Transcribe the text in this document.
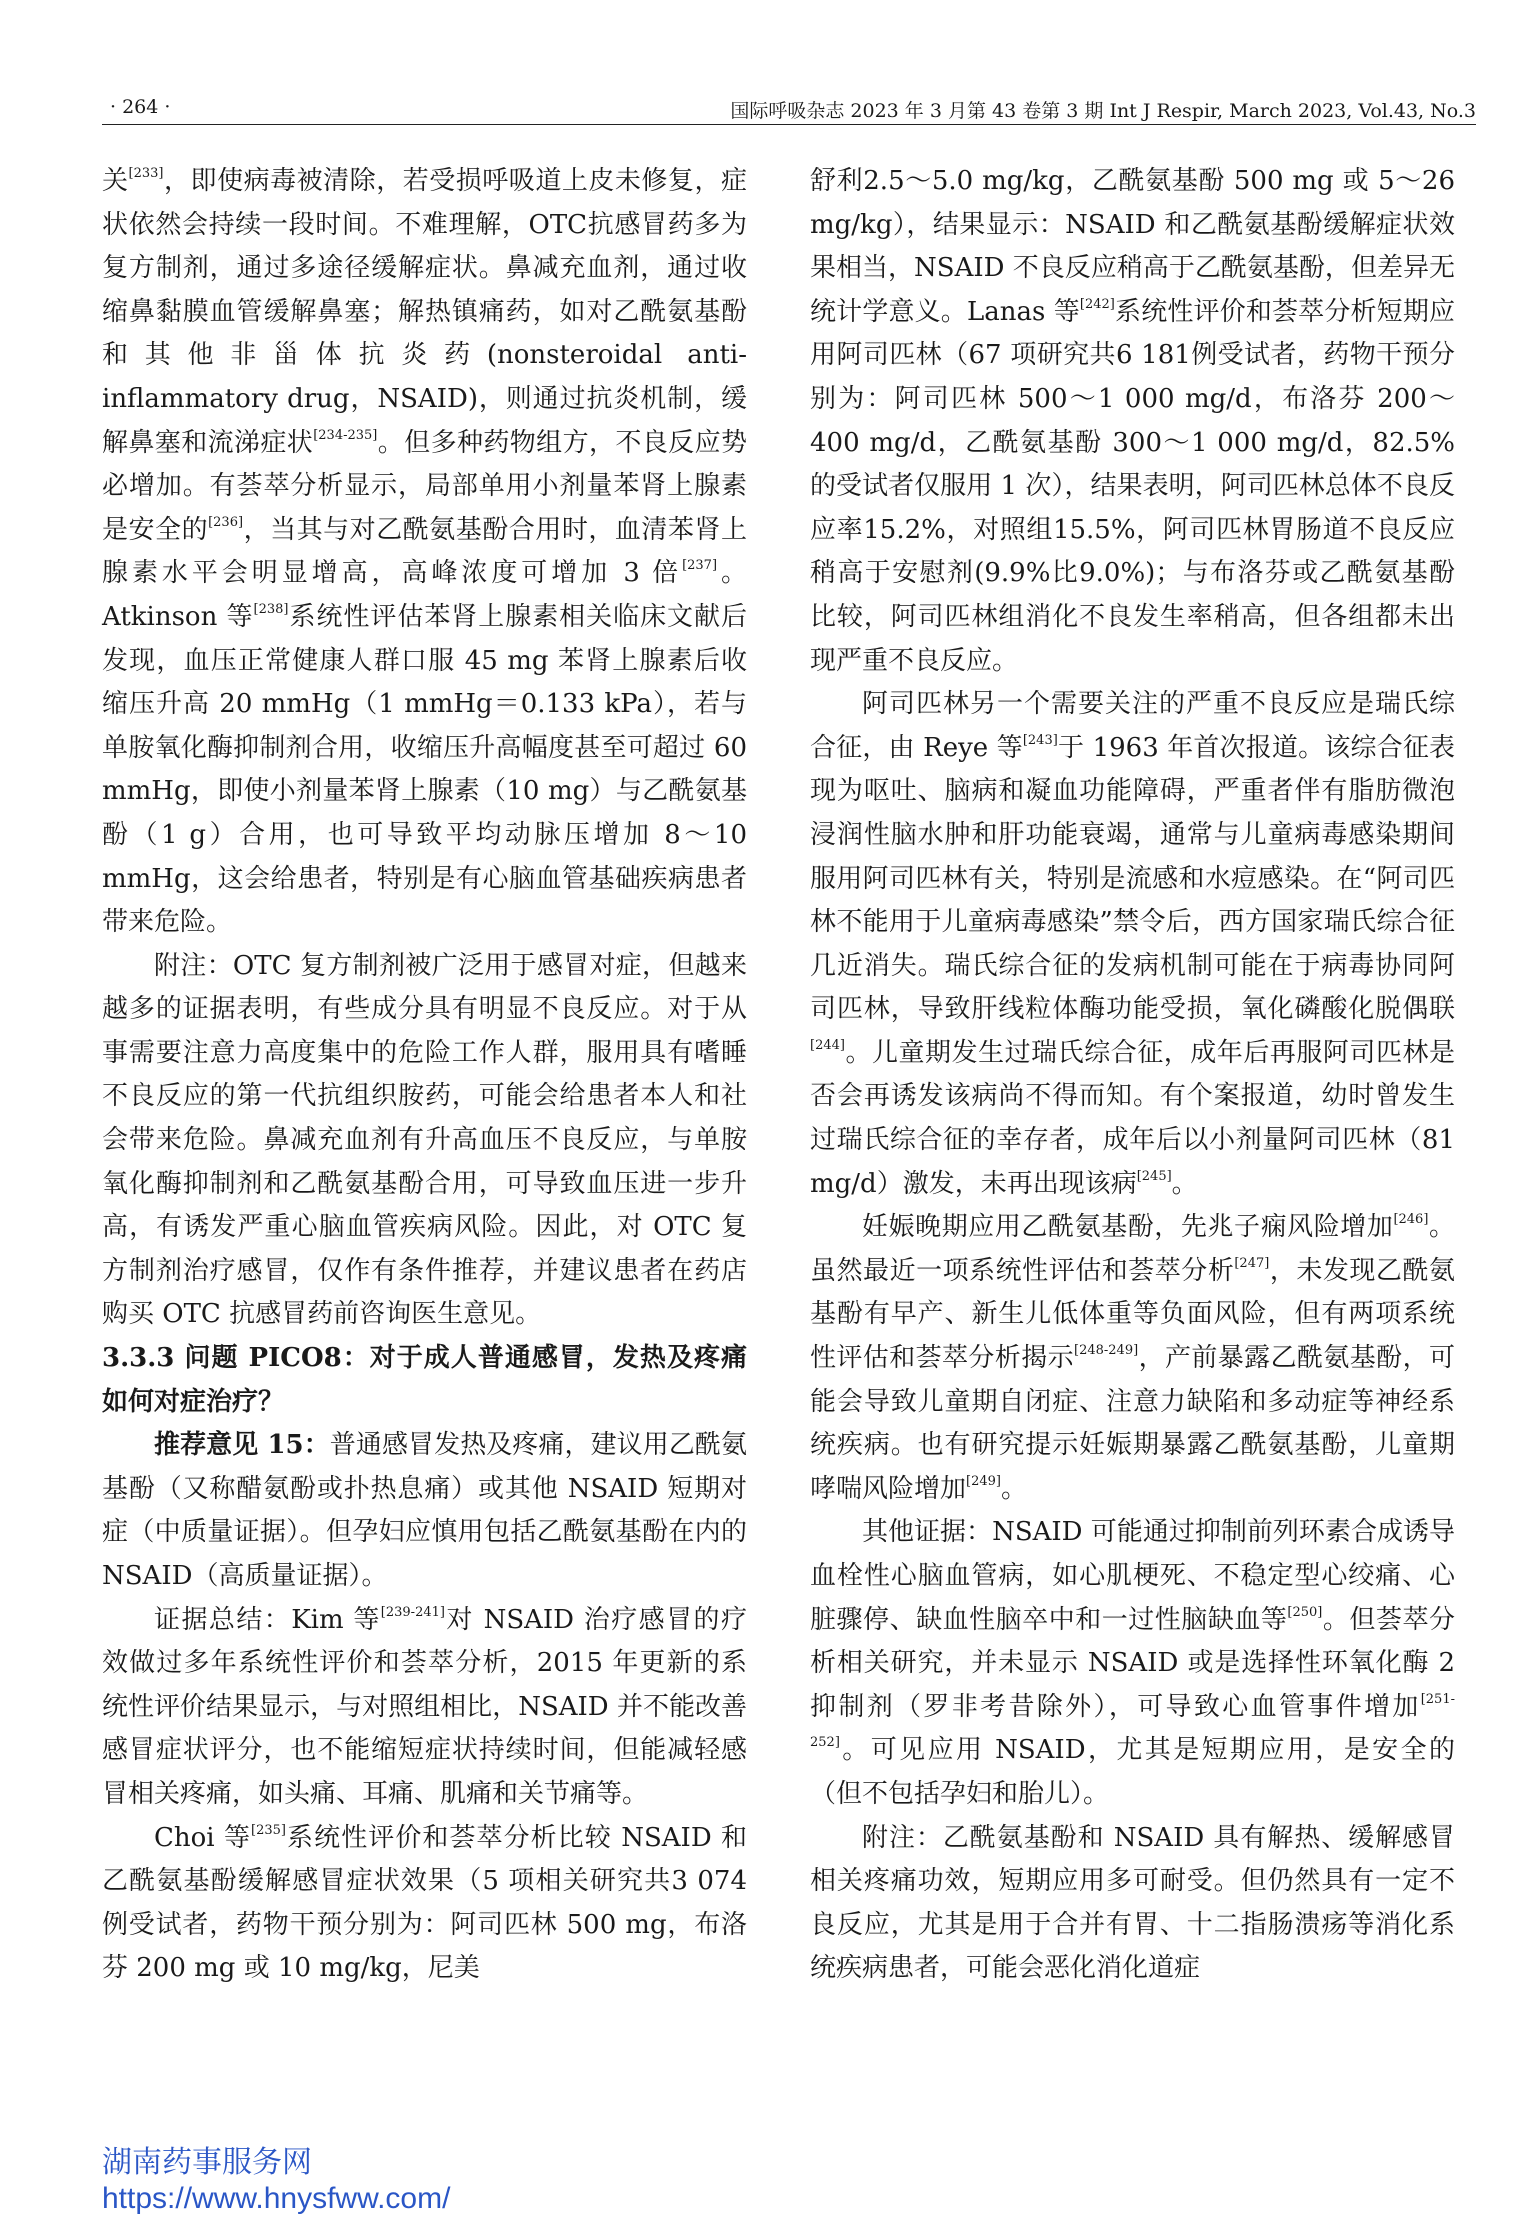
· 264 ·	国际呼吸杂志 2023 年 3 月第 43 卷第 3 期 Int J Respir, March 2023, Vol.43, No.3

关[233]，即使病毒被清除，若受损呼吸道上皮未修复，症状依然会持续一段时间。不难理解，OTC抗感冒药多为复方制剂，通过多途径缓解症状。鼻减充血剂，通过收缩鼻黏膜血管缓解鼻塞；解热镇痛药，如对乙酰氨基酚和其他非甾体抗炎药(nonsteroidal anti-inflammatory drug，NSAID)，则通过抗炎机制，缓解鼻塞和流涕症状[234-235]。但多种药物组方，不良反应势必增加。有荟萃分析显示，局部单用小剂量苯肾上腺素是安全的[236]，当其与对乙酰氨基酚合用时，血清苯肾上腺素水平会明显增高，高峰浓度可增加 3 倍[237]。Atkinson 等[238]系统性评估苯肾上腺素相关临床文献后发现，血压正常健康人群口服 45 mg 苯肾上腺素后收缩压升高 20 mmHg（1 mmHg＝0.133 kPa），若与单胺氧化酶抑制剂合用，收缩压升高幅度甚至可超过 60 mmHg，即使小剂量苯肾上腺素（10 mg）与乙酰氨基酚（1 g）合用，也可导致平均动脉压增加 8～10 mmHg，这会给患者，特别是有心脑血管基础疾病患者带来危险。

附注：OTC 复方制剂被广泛用于感冒对症，但越来越多的证据表明，有些成分具有明显不良反应。对于从事需要注意力高度集中的危险工作人群，服用具有嗜睡不良反应的第一代抗组织胺药，可能会给患者本人和社会带来危险。鼻减充血剂有升高血压不良反应，与单胺氧化酶抑制剂和乙酰氨基酚合用，可导致血压进一步升高，有诱发严重心脑血管疾病风险。因此，对 OTC 复方制剂治疗感冒，仅作有条件推荐，并建议患者在药店购买 OTC 抗感冒药前咨询医生意见。

3.3.3 问题 PICO8：对于成人普通感冒，发热及疼痛如何对症治疗？

推荐意见 15：普通感冒发热及疼痛，建议用乙酰氨基酚（又称醋氨酚或扑热息痛）或其他 NSAID 短期对症（中质量证据）。但孕妇应慎用包括乙酰氨基酚在内的 NSAID（高质量证据）。

证据总结：Kim 等[239-241]对 NSAID 治疗感冒的疗效做过多年系统性评价和荟萃分析，2015 年更新的系统性评价结果显示，与对照组相比，NSAID 并不能改善感冒症状评分，也不能缩短症状持续时间，但能减轻感冒相关疼痛，如头痛、耳痛、肌痛和关节痛等。

Choi 等[235]系统性评价和荟萃分析比较 NSAID 和乙酰氨基酚缓解感冒症状效果（5 项相关研究共3 074例受试者，药物干预分别为：阿司匹林 500 mg，布洛芬 200 mg 或 10 mg/kg，尼美

舒利2.5～5.0 mg/kg，乙酰氨基酚 500 mg 或 5～26 mg/kg），结果显示：NSAID 和乙酰氨基酚缓解症状效果相当，NSAID 不良反应稍高于乙酰氨基酚，但差异无统计学意义。Lanas 等[242]系统性评价和荟萃分析短期应用阿司匹林（67 项研究共6 181例受试者，药物干预分别为：阿司匹林 500～1 000 mg/d，布洛芬 200～400 mg/d，乙酰氨基酚 300～1 000 mg/d，82.5%的受试者仅服用 1 次），结果表明，阿司匹林总体不良反应率15.2%，对照组15.5%，阿司匹林胃肠道不良反应稍高于安慰剂(9.9%比9.0%)；与布洛芬或乙酰氨基酚比较，阿司匹林组消化不良发生率稍高，但各组都未出现严重不良反应。

阿司匹林另一个需要关注的严重不良反应是瑞氏综合征，由 Reye 等[243]于 1963 年首次报道。该综合征表现为呕吐、脑病和凝血功能障碍，严重者伴有脂肪微泡浸润性脑水肿和肝功能衰竭，通常与儿童病毒感染期间服用阿司匹林有关，特别是流感和水痘感染。在“阿司匹林不能用于儿童病毒感染”禁令后，西方国家瑞氏综合征几近消失。瑞氏综合征的发病机制可能在于病毒协同阿司匹林，导致肝线粒体酶功能受损，氧化磷酸化脱偶联[244]。儿童期发生过瑞氏综合征，成年后再服阿司匹林是否会再诱发该病尚不得而知。有个案报道，幼时曾发生过瑞氏综合征的幸存者，成年后以小剂量阿司匹林（81 mg/d）激发，未再出现该病[245]。

妊娠晚期应用乙酰氨基酚，先兆子痫风险增加[246]。虽然最近一项系统性评估和荟萃分析[247]，未发现乙酰氨基酚有早产、新生儿低体重等负面风险，但有两项系统性评估和荟萃分析揭示[248-249]，产前暴露乙酰氨基酚，可能会导致儿童期自闭症、注意力缺陷和多动症等神经系统疾病。也有研究提示妊娠期暴露乙酰氨基酚，儿童期哮喘风险增加[249]。

其他证据：NSAID 可能通过抑制前列环素合成诱导血栓性心脑血管病，如心肌梗死、不稳定型心绞痛、心脏骤停、缺血性脑卒中和一过性脑缺血等[250]。但荟萃分析相关研究，并未显示 NSAID 或是选择性环氧化酶 2 抑制剂（罗非考昔除外），可导致心血管事件增加[251-252]。可见应用 NSAID，尤其是短期应用，是安全的（但不包括孕妇和胎儿）。

附注：乙酰氨基酚和 NSAID 具有解热、缓解感冒相关疼痛功效，短期应用多可耐受。但仍然具有一定不良反应，尤其是用于合并有胃、十二指肠溃疡等消化系统疾病患者，可能会恶化消化道症

湖南药事服务网
https://www.hnysfww.com/
